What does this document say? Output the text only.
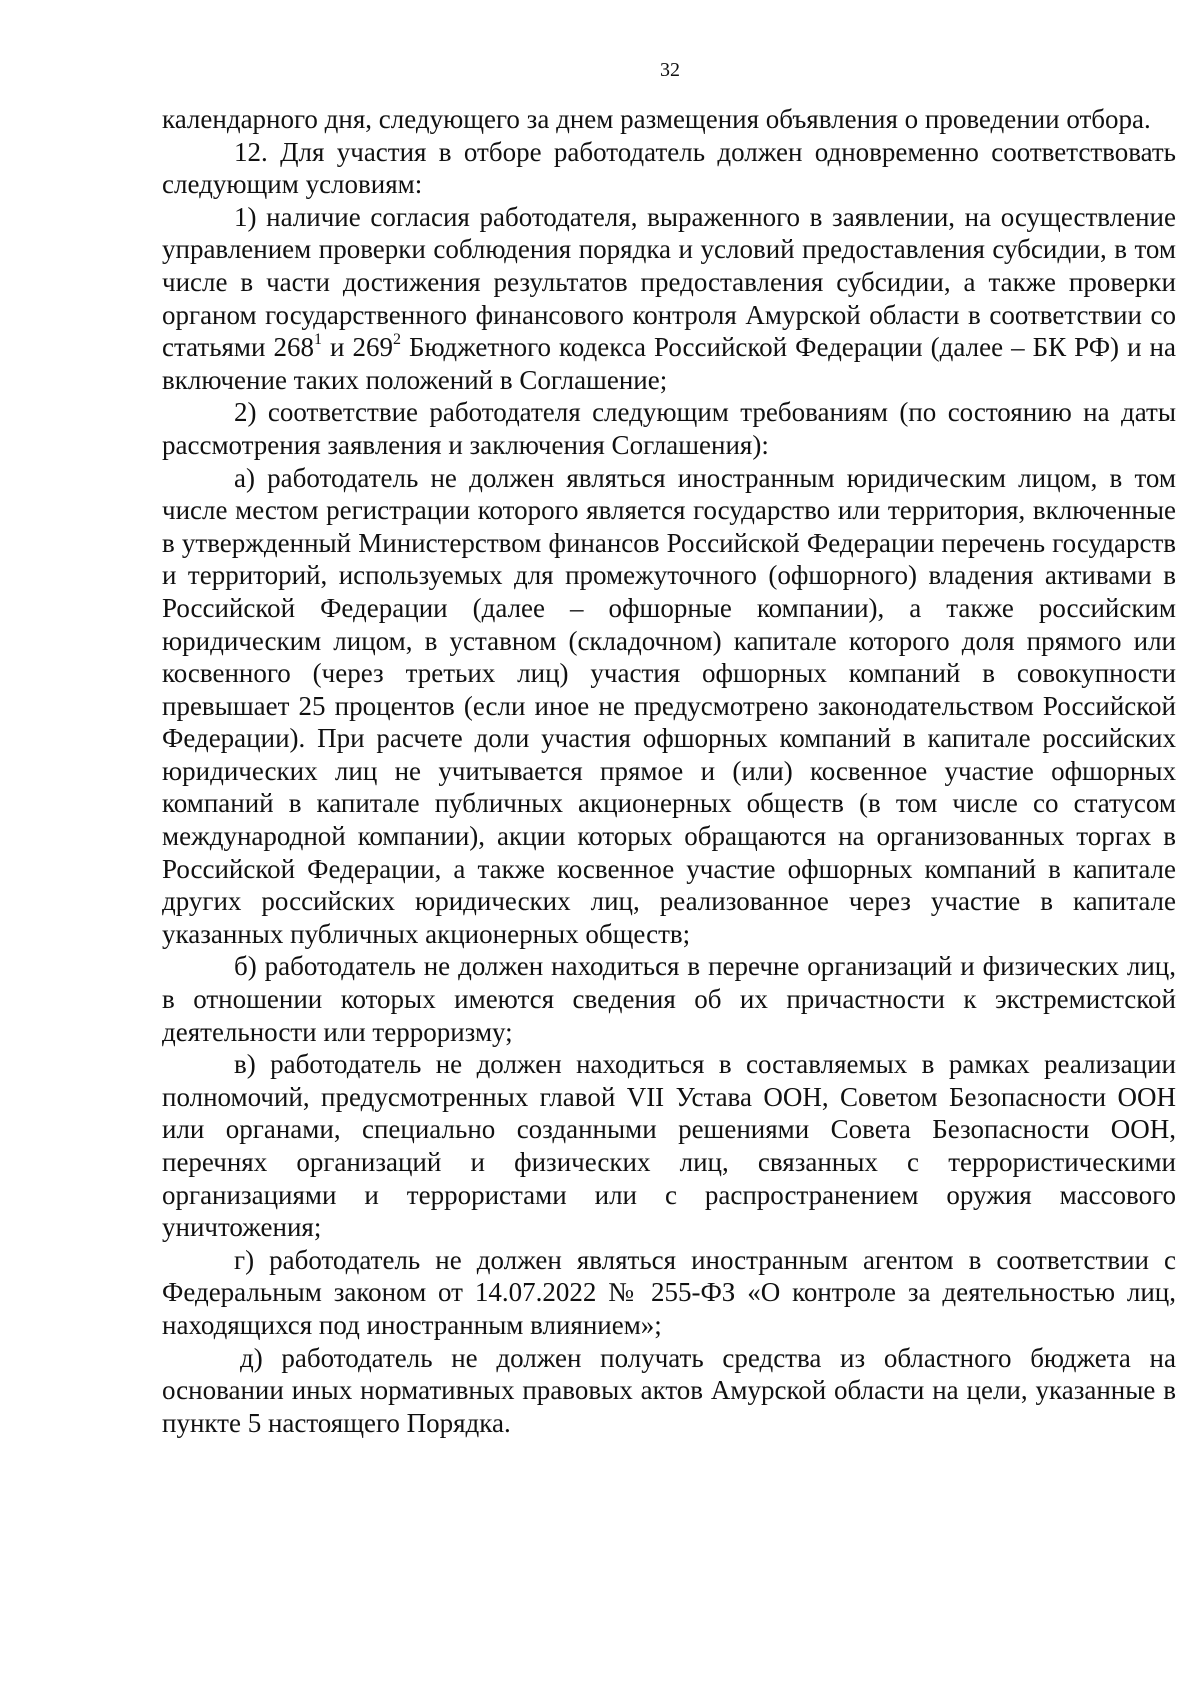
32

календарного дня, следующего за днем размещения объявления о проведении отбора.

12. Для участия в отборе работодатель должен одновременно соответствовать следующим условиям:

1) наличие согласия работодателя, выраженного в заявлении, на осуществление управлением проверки соблюдения порядка и условий предоставления субсидии, в том числе в части достижения результатов предоставления субсидии, а также проверки органом государственного финансового контроля Амурской области в соответствии со статьями $268^1$ и $269^2$ Бюджетного кодекса Российской Федерации (далее – БК РФ) и на включение таких положений в Соглашение;

2) соответствие работодателя следующим требованиям (по состоянию на даты рассмотрения заявления и заключения Соглашения):

а) работодатель не должен являться иностранным юридическим лицом, в том числе местом регистрации которого является государство или территория, включенные в утвержденный Министерством финансов Российской Федерации перечень государств и территорий, используемых для промежуточного (офшорного) владения активами в Российской Федерации (далее – офшорные компании), а также российским юридическим лицом, в уставном (складочном) капитале которого доля прямого или косвенного (через третьих лиц) участия офшорных компаний в совокупности превышает 25 процентов (если иное не предусмотрено законодательством Российской Федерации). При расчете доли участия офшорных компаний в капитале российских юридических лиц не учитывается прямое и (или) косвенное участие офшорных компаний в капитале публичных акционерных обществ (в том числе со статусом международной компании), акции которых обращаются на организованных торгах в Российской Федерации, а также косвенное участие офшорных компаний в капитале других российских юридических лиц, реализованное через участие в капитале указанных публичных акционерных обществ;

б) работодатель не должен находиться в перечне организаций и физических лиц, в отношении которых имеются сведения об их причастности к экстремистской деятельности или терроризму;

в) работодатель не должен находиться в составляемых в рамках реализации полномочий, предусмотренных главой VII Устава ООН, Советом Безопасности ООН или органами, специально созданными решениями Совета Безопасности ООН, перечнях организаций и физических лиц, связанных с террористическими организациями и террористами или с распространением оружия массового уничтожения;

г) работодатель не должен являться иностранным агентом в соответствии с Федеральным законом от 14.07.2022 № 255-ФЗ «О контроле за деятельностью лиц, находящихся под иностранным влиянием»;

д) работодатель не должен получать средства из областного бюджета на основании иных нормативных правовых актов Амурской области на цели, указанные в пункте 5 настоящего Порядка.
